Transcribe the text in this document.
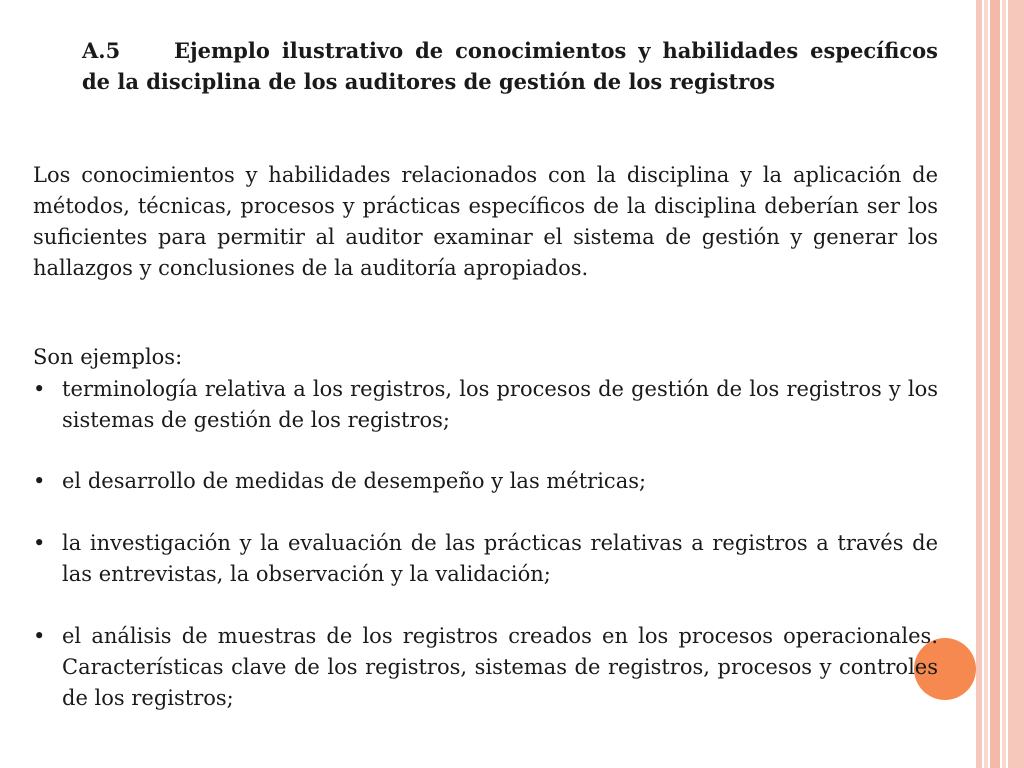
A.5	Ejemplo ilustrativo de conocimientos y habilidades específicos de la disciplina de los auditores de gestión de los registros
Los conocimientos y habilidades relacionados con la disciplina y la aplicación de métodos, técnicas, procesos y prácticas específicos de la disciplina deberían ser los suficientes para permitir al auditor examinar el sistema de gestión y generar los hallazgos y conclusiones de la auditoría apropiados.
Son ejemplos:
• terminología relativa a los registros, los procesos de gestión de los registros y los sistemas de gestión de los registros;
• el desarrollo de medidas de desempeño y las métricas;
• la investigación y la evaluación de las prácticas relativas a registros a través de las entrevistas, la observación y la validación;
• el análisis de muestras de los registros creados en los procesos operacionales. Características clave de los registros, sistemas de registros, procesos y controles de los registros;
